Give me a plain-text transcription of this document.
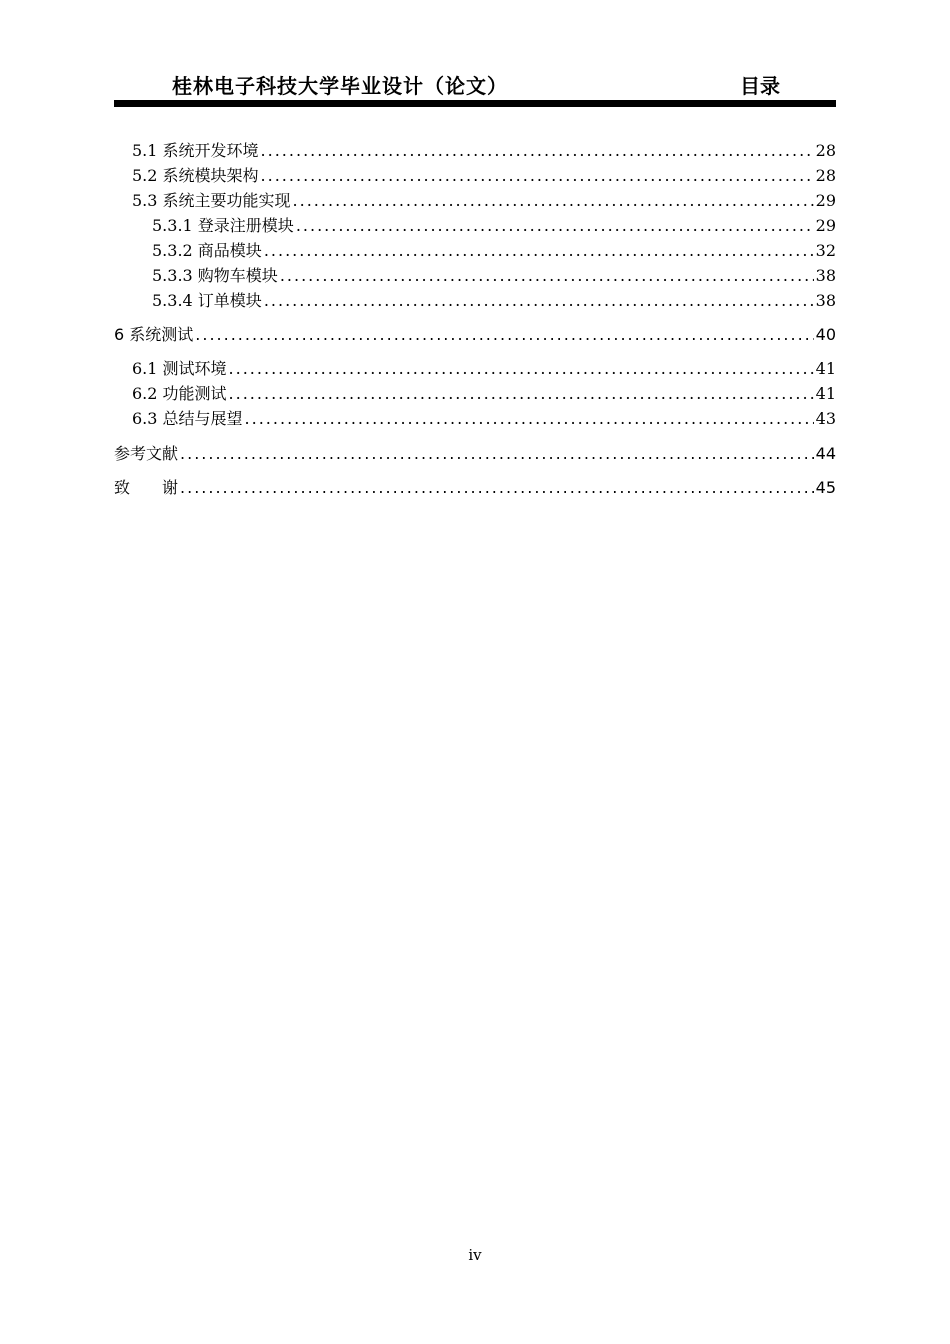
桂林电子科技大学毕业设计（论文）	目录
5.1 系统开发环境 .....	28
5.2 系统模块架构 .....	28
5.3 系统主要功能实现 .....	29
5.3.1 登录注册模块 .....	29
5.3.2 商品模块 .....	32
5.3.3 购物车模块 .....	38
5.3.4 订单模块 .....	38
6 系统测试 .....	40
6.1 测试环境 .....	41
6.2 功能测试 .....	41
6.3 总结与展望 .....	43
参考文献 .....	44
致　　谢 .....	45
iv
